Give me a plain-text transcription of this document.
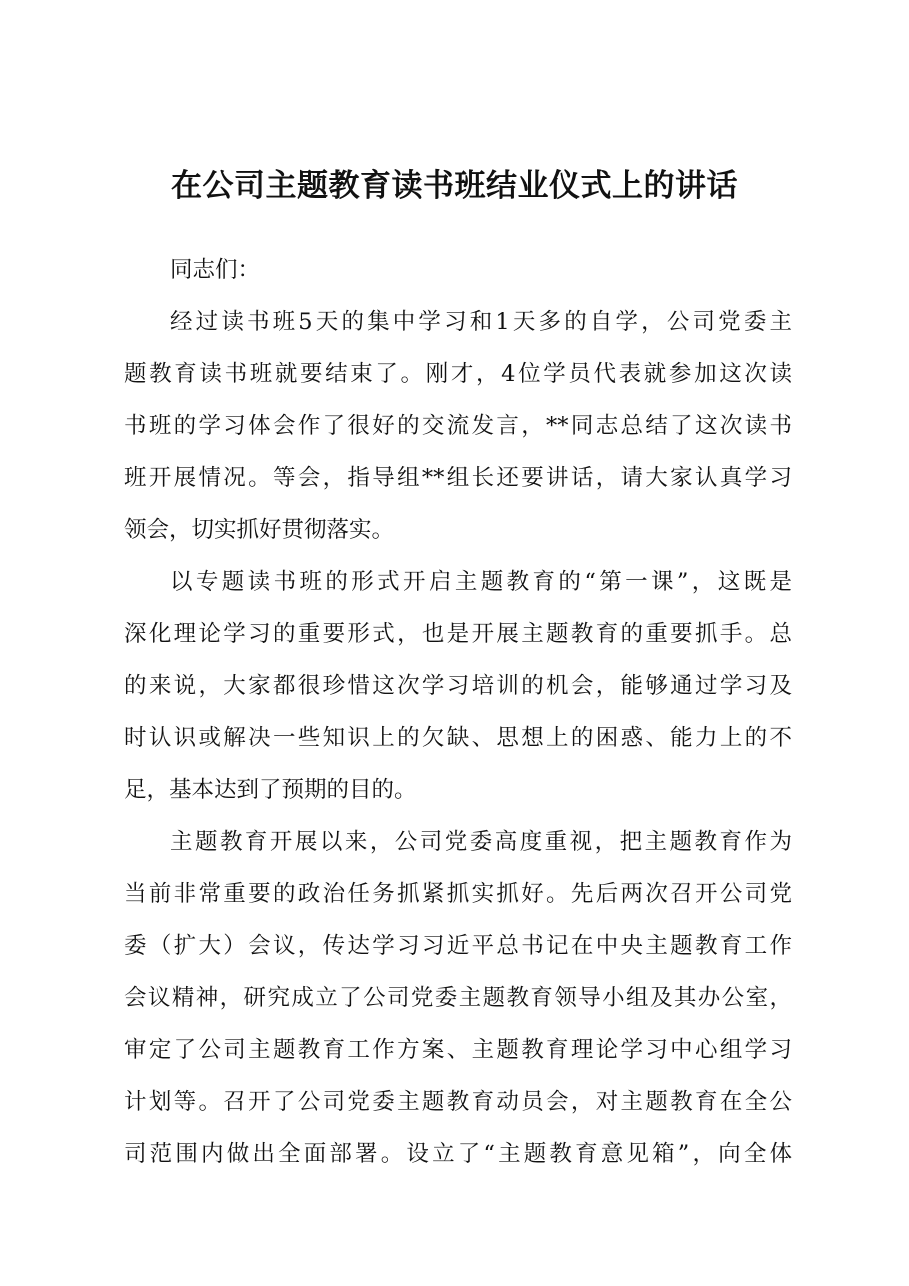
在公司主题教育读书班结业仪式上的讲话
同志们：
经过读书班5天的集中学习和1天多的自学，公司党委主
题教育读书班就要结束了。刚才，4位学员代表就参加这次读
书班的学习体会作了很好的交流发言，**同志总结了这次读书
班开展情况。等会，指导组**组长还要讲话，请大家认真学习
领会，切实抓好贯彻落实。
以专题读书班的形式开启主题教育的“第一课”，这既是
深化理论学习的重要形式，也是开展主题教育的重要抓手。总
的来说，大家都很珍惜这次学习培训的机会，能够通过学习及
时认识或解决一些知识上的欠缺、思想上的困惑、能力上的不
足，基本达到了预期的目的。
主题教育开展以来，公司党委高度重视，把主题教育作为
当前非常重要的政治任务抓紧抓实抓好。先后两次召开公司党
委（扩大）会议，传达学习习近平总书记在中央主题教育工作
会议精神，研究成立了公司党委主题教育领导小组及其办公室，
审定了公司主题教育工作方案、主题教育理论学习中心组学习
计划等。召开了公司党委主题教育动员会，对主题教育在全公
司范围内做出全面部署。设立了“主题教育意见箱”，向全体
